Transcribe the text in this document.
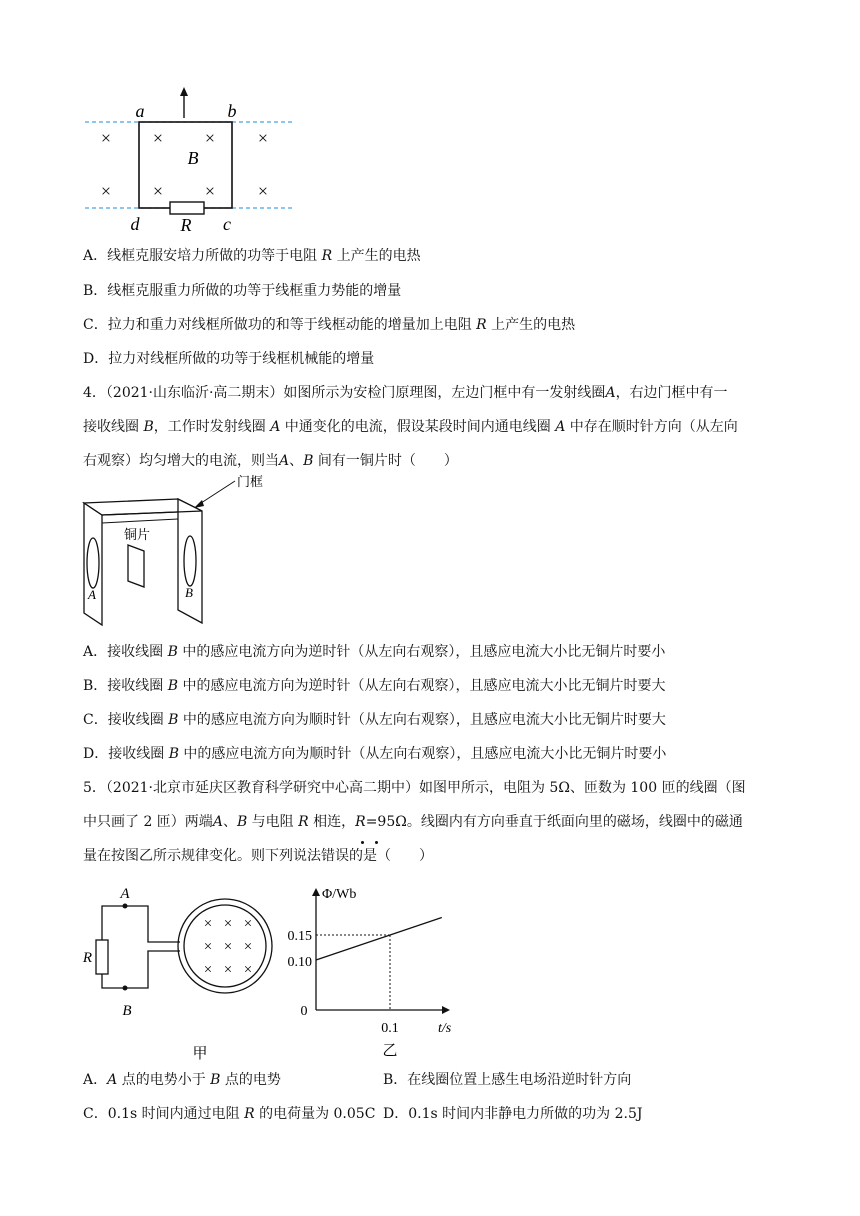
× × × ×
× × × ×
a	b
d	c
B
R
A．线框克服安培力所做的功等于电阻 R 上产生的电热
B．线框克服重力所做的功等于线框重力势能的增量
C．拉力和重力对线框所做功的和等于线框动能的增量加上电阻 R 上产生的电热
D．拉力对线框所做的功等于线框机械能的增量
4．（2021·山东临沂·高二期末）如图所示为安检门原理图，左边门框中有一发射线圈A，右边门框中有一
接收线圈 B，工作时发射线圈 A 中通变化的电流，假设某段时间内通电线圈 A 中存在顺时针方向（从左向
右观察）均匀增大的电流，则当A、B 间有一铜片时（　　）
门框
铜片
A	B
A．接收线圈 B 中的感应电流方向为逆时针（从左向右观察），且感应电流大小比无铜片时要小
B．接收线圈 B 中的感应电流方向为逆时针（从左向右观察），且感应电流大小比无铜片时要大
C．接收线圈 B 中的感应电流方向为顺时针（从左向右观察），且感应电流大小比无铜片时要大
D．接收线圈 B 中的感应电流方向为顺时针（从左向右观察），且感应电流大小比无铜片时要小
5．（2021·北京市延庆区教育科学研究中心高二期中）如图甲所示，电阻为 5Ω、匝数为 100 匝的线圈（图
中只画了 2 匝）两端A、B 与电阻 R 相连，R=95Ω。线圈内有方向垂直于纸面向里的磁场，线圈中的磁通
量在按图乙所示规律变化。则下列说法错误的是（　　）
× × ×
× × ×
× × ×
A
B
R
甲
Φ/Wb
t/s
0
0.15
0.10
0.1
乙
A．A 点的电势小于 B 点的电势	B．在线圈位置上感生电场沿逆时针方向
C．0.1s 时间内通过电阻 R 的电荷量为 0.05C D．0.1s 时间内非静电力所做的功为 2.5J
